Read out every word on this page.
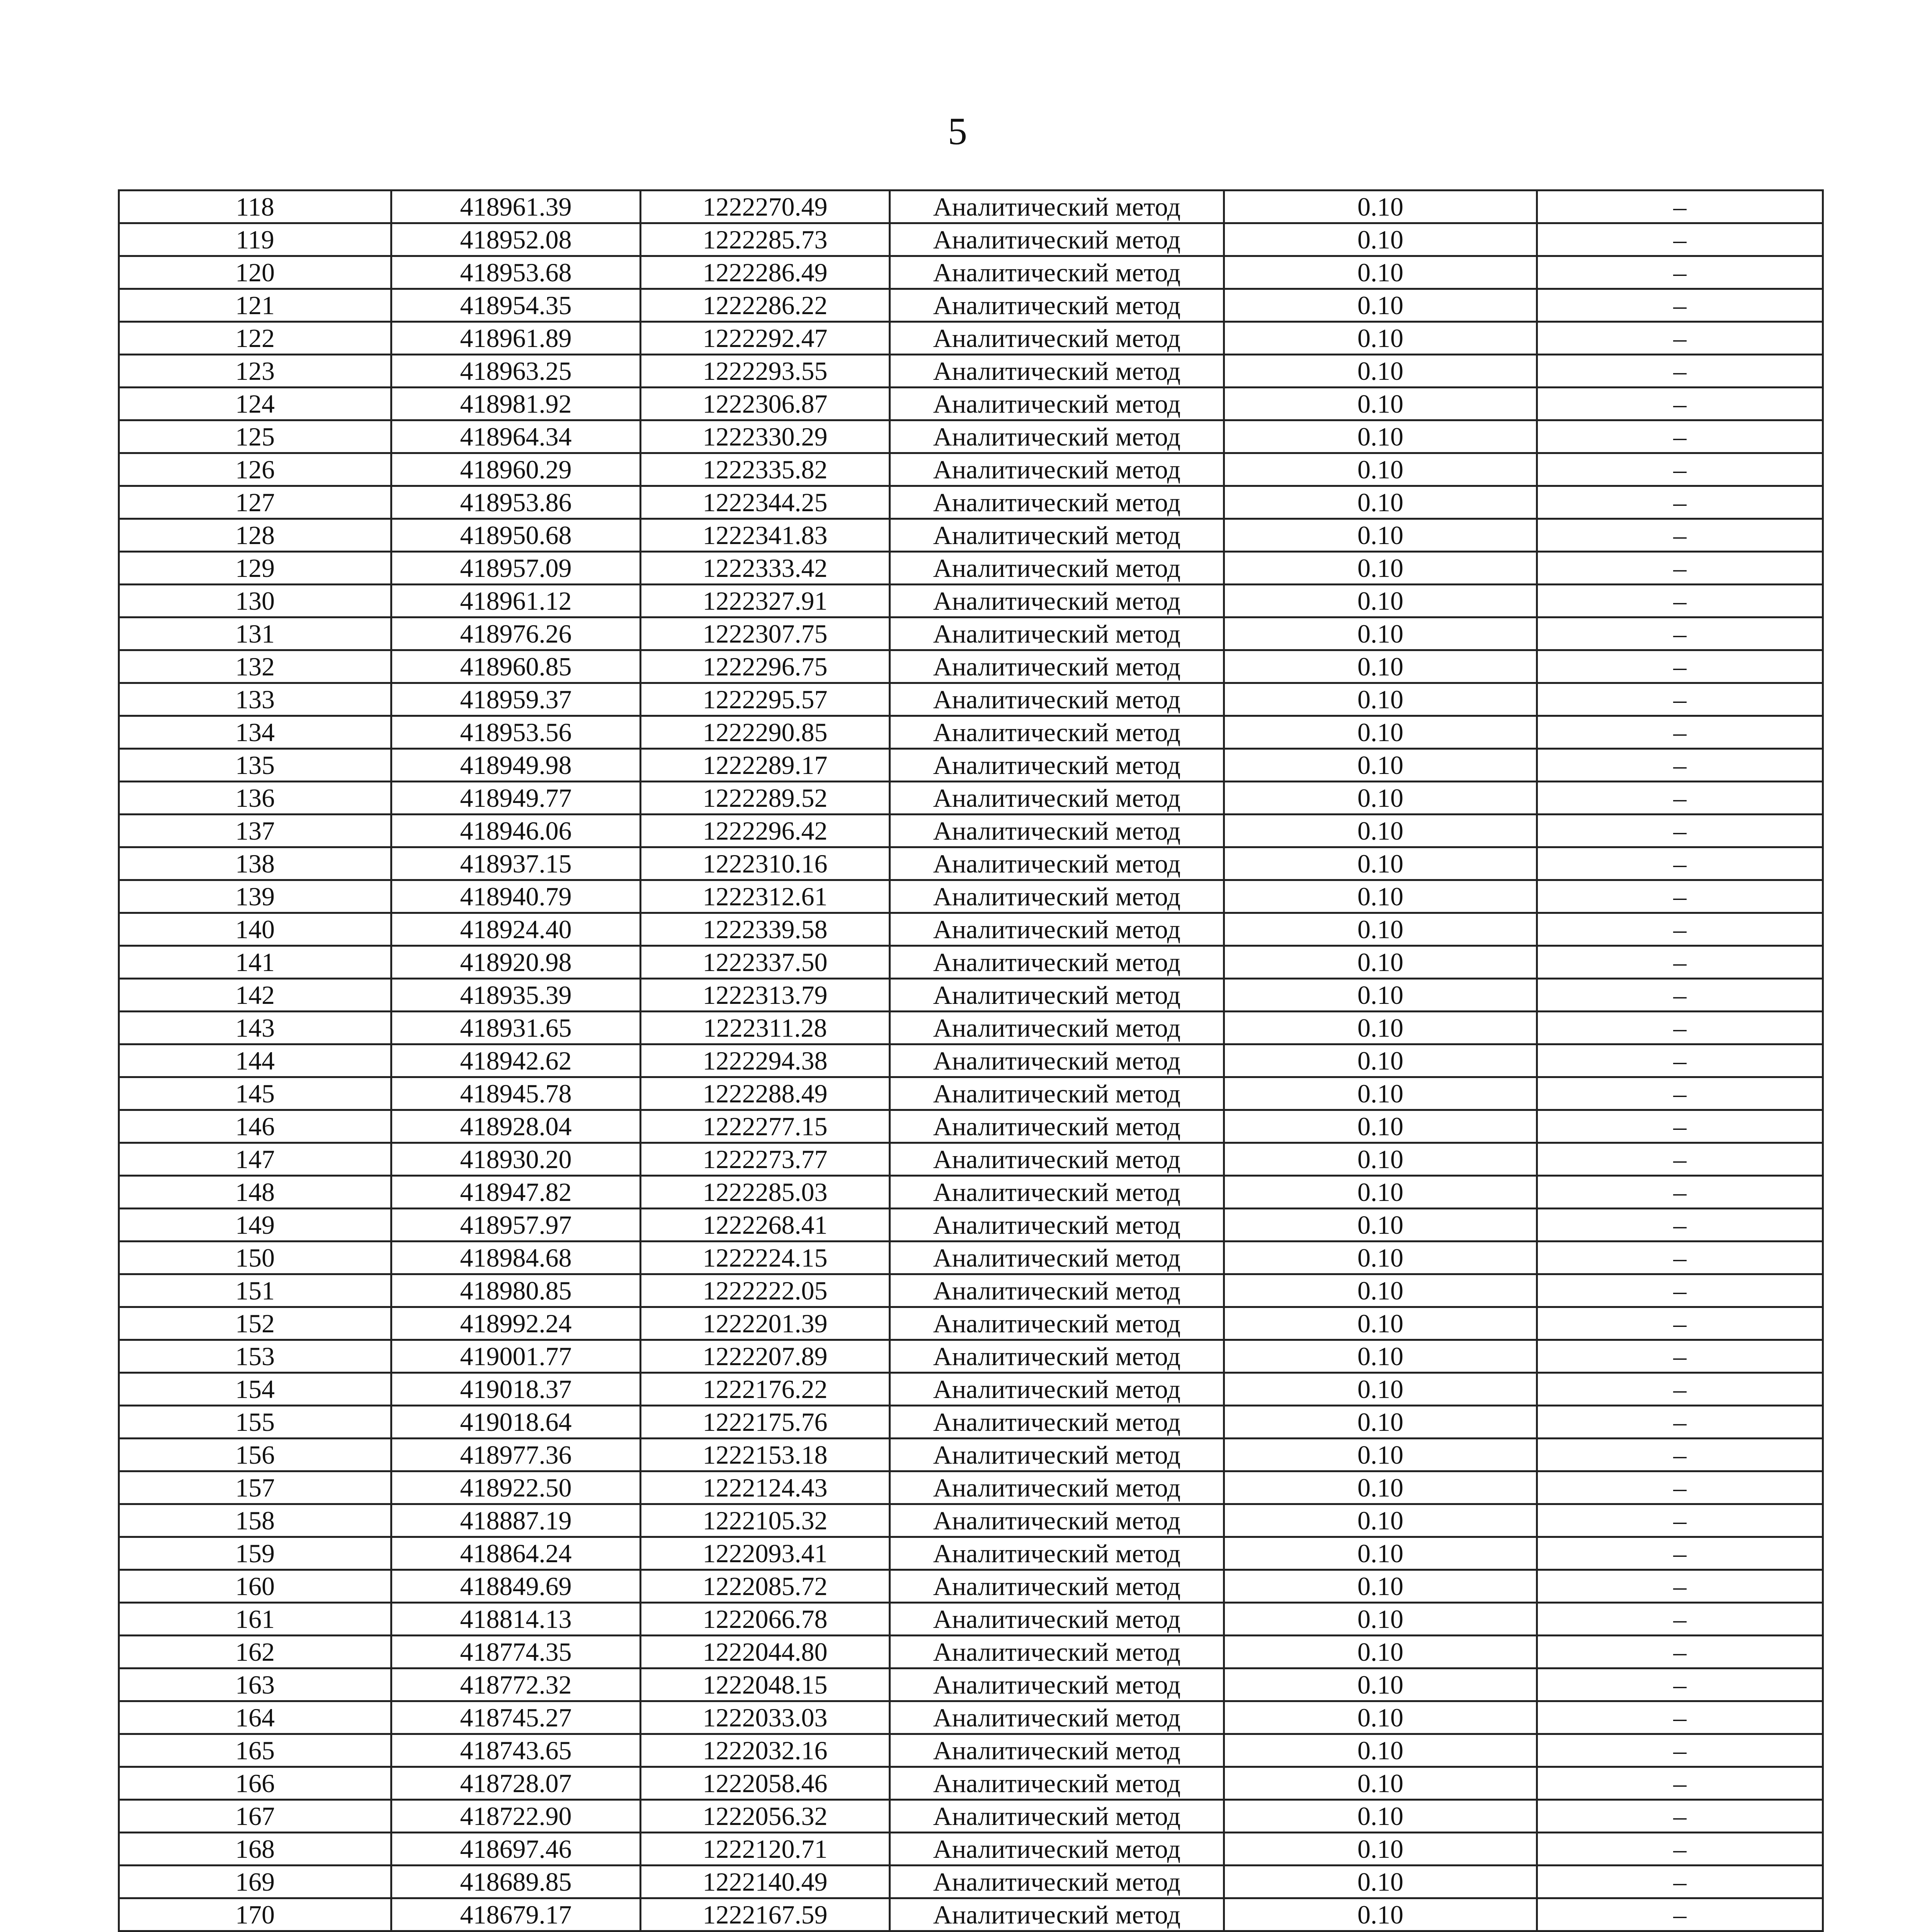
5
118	418961.39	1222270.49	Аналитический метод	0.10	–
119	418952.08	1222285.73	Аналитический метод	0.10	–
120	418953.68	1222286.49	Аналитический метод	0.10	–
121	418954.35	1222286.22	Аналитический метод	0.10	–
122	418961.89	1222292.47	Аналитический метод	0.10	–
123	418963.25	1222293.55	Аналитический метод	0.10	–
124	418981.92	1222306.87	Аналитический метод	0.10	–
125	418964.34	1222330.29	Аналитический метод	0.10	–
126	418960.29	1222335.82	Аналитический метод	0.10	–
127	418953.86	1222344.25	Аналитический метод	0.10	–
128	418950.68	1222341.83	Аналитический метод	0.10	–
129	418957.09	1222333.42	Аналитический метод	0.10	–
130	418961.12	1222327.91	Аналитический метод	0.10	–
131	418976.26	1222307.75	Аналитический метод	0.10	–
132	418960.85	1222296.75	Аналитический метод	0.10	–
133	418959.37	1222295.57	Аналитический метод	0.10	–
134	418953.56	1222290.85	Аналитический метод	0.10	–
135	418949.98	1222289.17	Аналитический метод	0.10	–
136	418949.77	1222289.52	Аналитический метод	0.10	–
137	418946.06	1222296.42	Аналитический метод	0.10	–
138	418937.15	1222310.16	Аналитический метод	0.10	–
139	418940.79	1222312.61	Аналитический метод	0.10	–
140	418924.40	1222339.58	Аналитический метод	0.10	–
141	418920.98	1222337.50	Аналитический метод	0.10	–
142	418935.39	1222313.79	Аналитический метод	0.10	–
143	418931.65	1222311.28	Аналитический метод	0.10	–
144	418942.62	1222294.38	Аналитический метод	0.10	–
145	418945.78	1222288.49	Аналитический метод	0.10	–
146	418928.04	1222277.15	Аналитический метод	0.10	–
147	418930.20	1222273.77	Аналитический метод	0.10	–
148	418947.82	1222285.03	Аналитический метод	0.10	–
149	418957.97	1222268.41	Аналитический метод	0.10	–
150	418984.68	1222224.15	Аналитический метод	0.10	–
151	418980.85	1222222.05	Аналитический метод	0.10	–
152	418992.24	1222201.39	Аналитический метод	0.10	–
153	419001.77	1222207.89	Аналитический метод	0.10	–
154	419018.37	1222176.22	Аналитический метод	0.10	–
155	419018.64	1222175.76	Аналитический метод	0.10	–
156	418977.36	1222153.18	Аналитический метод	0.10	–
157	418922.50	1222124.43	Аналитический метод	0.10	–
158	418887.19	1222105.32	Аналитический метод	0.10	–
159	418864.24	1222093.41	Аналитический метод	0.10	–
160	418849.69	1222085.72	Аналитический метод	0.10	–
161	418814.13	1222066.78	Аналитический метод	0.10	–
162	418774.35	1222044.80	Аналитический метод	0.10	–
163	418772.32	1222048.15	Аналитический метод	0.10	–
164	418745.27	1222033.03	Аналитический метод	0.10	–
165	418743.65	1222032.16	Аналитический метод	0.10	–
166	418728.07	1222058.46	Аналитический метод	0.10	–
167	418722.90	1222056.32	Аналитический метод	0.10	–
168	418697.46	1222120.71	Аналитический метод	0.10	–
169	418689.85	1222140.49	Аналитический метод	0.10	–
170	418679.17	1222167.59	Аналитический метод	0.10	–
